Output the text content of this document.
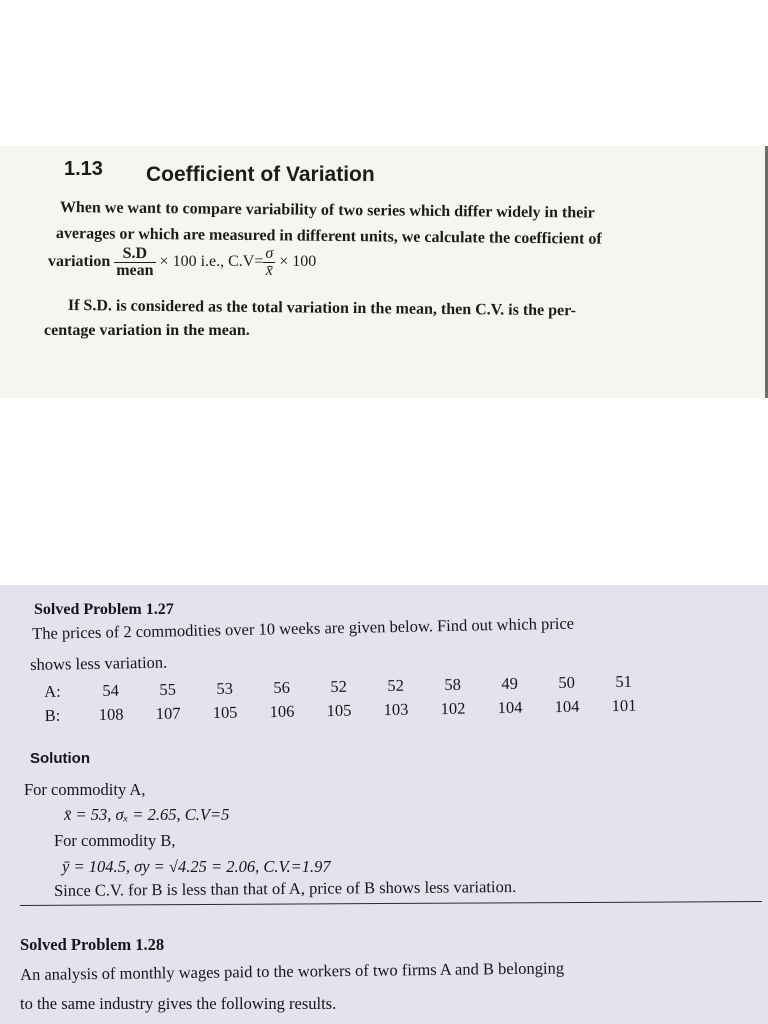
1.13 Coefficient of Variation
When we want to compare variability of two series which differ widely in their
averages or which are measured in different units, we calculate the coefficient of
variation $\frac{S.D}{\text{mean}} \times 100$ i.e., $C.V= \frac{\sigma}{x̄} \times 100$
If S.D. is considered as the total variation in the mean, then C.V. is the per-
centage variation in the mean.
Solved Problem 1.27
The prices of 2 commodities over 10 weeks are given below. Find out which price
shows less variation.
A:	54	55	53	56	52	52	58	49	50	51
B:	108	107	105	106	105	103	102	104	104	101
Solution
For commodity A,
x̄ = 53, σₓ = 2.65, C.V=5
For commodity B,
ȳ = 104.5, σy = √4.25 = 2.06, C.V.=1.97
Since C.V. for B is less than that of A, price of B shows less variation.
Solved Problem 1.28
An analysis of monthly wages paid to the workers of two firms A and B belonging
to the same industry gives the following results.
